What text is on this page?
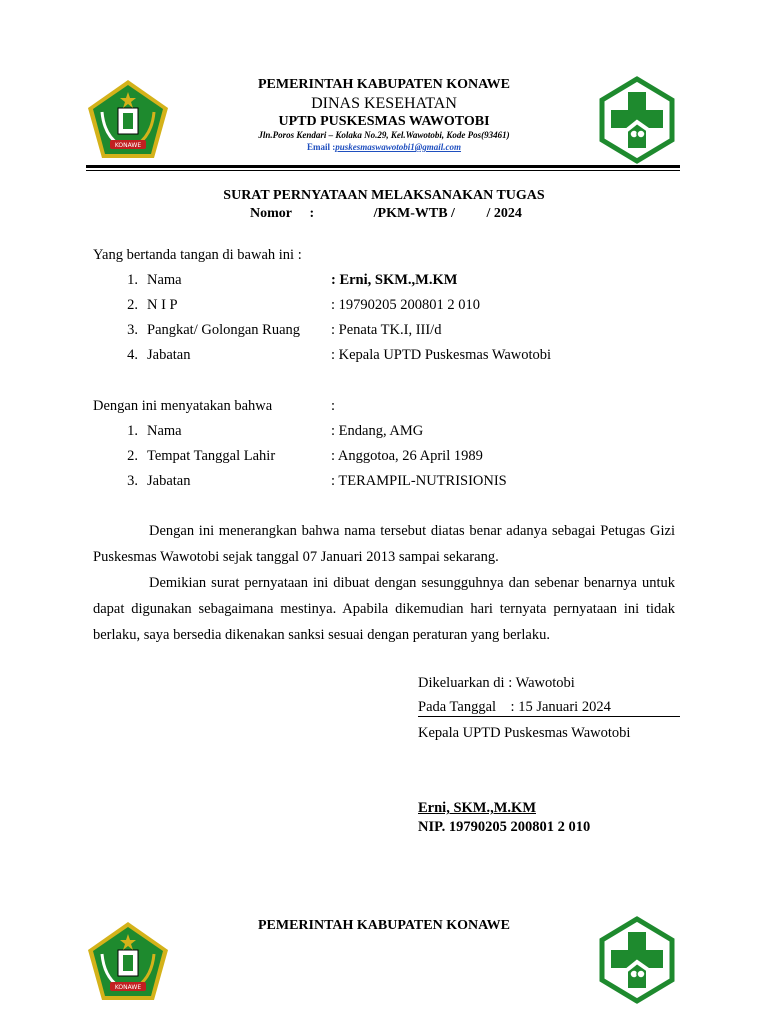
KONAWE
PEMERINTAH KABUPATEN KONAWE
DINAS KESEHATAN
UPTD PUSKESMAS WAWOTOBI
Jln.Poros Kendari – Kolaka No.29, Kel.Wawotobi, Kode Pos(93461)
Email :puskesmaswawotobi1@gmail.com
SURAT PERNYATAAN MELAKSANAKAN TUGAS
Nomor :	/PKM-WTB / / 2024
Yang bertanda tangan di bawah ini :
1. Nama	: Erni, SKM.,M.KM
2. N I P	: 19790205 200801 2 010
3. Pangkat/ Golongan Ruang : Penata TK.I, III/d
4. Jabatan	: Kepala UPTD Puskesmas Wawotobi
Dengan ini menyatakan bahwa	:
1. Nama	: Endang, AMG
2. Tempat Tanggal Lahir	: Anggotoa, 26 April 1989
3. Jabatan	: TERAMPIL-NUTRISIONIS
Dengan ini menerangkan bahwa nama tersebut diatas benar adanya sebagai Petugas Gizi Puskesmas Wawotobi sejak tanggal 07 Januari 2013 sampai sekarang.
Demikian surat pernyataan ini dibuat dengan sesungguhnya dan sebenar benarnya untuk dapat digunakan sebagaimana mestinya. Apabila dikemudian hari ternyata pernyataan ini tidak berlaku, saya bersedia dikenakan sanksi sesuai dengan peraturan yang berlaku.
Dikeluarkan di : Wawotobi
Pada Tanggal    : 15 Januari 2024
Kepala UPTD Puskesmas Wawotobi
Erni, SKM.,M.KM
NIP. 19790205 200801 2 010
KONAWE
PEMERINTAH KABUPATEN KONAWE
